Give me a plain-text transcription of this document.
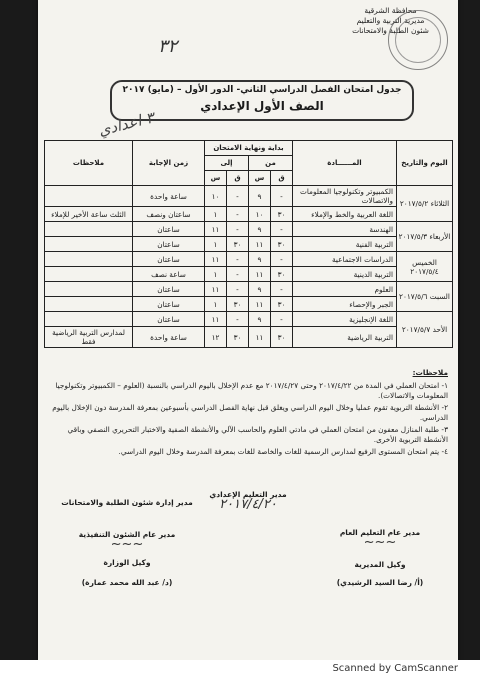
محافظة الشرقية
مديرية التربية والتعليم
شئون الطلبة والامتحانات
٣٢
جدول امتحان الفصل الدراسي الثاني- الدور الأول – (مايو) ٢٠١٧
الصف الأول الإعدادي
٣ اعدادي
اليوم والتاريخ	المــــــادة	بداية ونهاية الامتحان				زمن الإجابة	ملاحظات
		من		إلى			
		ق	س	ق	س		
الثلاثاء ٢٠١٧/٥/٢	الكمبيوتر وتكنولوجيا المعلومات والاتصالات	-	٩	-	١٠	ساعة واحدة	
	اللغة العربية والخط والإملاء	٣٠	١٠	-	١	ساعتان ونصف	الثلث ساعة الأخير للإملاء
الأربعاء ٢٠١٧/٥/٣	الهندسة	-	٩	-	١١	ساعتان	
	التربية الفنية	٣٠	١١	٣٠	١	ساعتان	
الخميس ٢٠١٧/٥/٤	الدراسات الاجتماعية	-	٩	-	١١	ساعتان	
	التربية الدينية	٣٠	١١	-	١	ساعة نصف	
السبت ٢٠١٧/٥/٦	العلوم	-	٩	-	١١	ساعتان	
	الجبر والإحصاء	٣٠	١١	٣٠	١	ساعتان	
الأحد ٢٠١٧/٥/٧	اللغة الإنجليزية	-	٩	-	١١	ساعتان	
	التربية الرياضية	٣٠	١١	٣٠	١٢	ساعة واحدة	لمدارس التربية الرياضية فقط
ملاحظات:

١- امتحان العملي في المدة من ٢٠١٧/٤/٢٢ وحتى ٢٠١٧/٤/٢٧ مع عدم الإخلال باليوم الدراسي بالنسبة (العلوم – الكمبيوتر وتكنولوجيا المعلومات والاتصالات).

٢- الأنشطة التربوية تقوم عمليا وخلال اليوم الدراسي ويغلق قبل نهاية الفصل الدراسي بأسبوعين بمعرفة المدرسة دون الإخلال باليوم الدراسي.

٣- طلبة المنازل معفون من امتحان العملي في مادتي العلوم والحاسب الآلي والأنشطة الصفية والاختبار التحريري النصفي وباقي الأنشطة التربوية الأخرى.

٤- يتم امتحان المستوى الرفيع لمدارس الرسمية للغات والخاصة للغات بمعرفة المدرسة وخلال اليوم الدراسي.

مدير التعليم الإعدادي
٢٠١٧/٤/٢٠
مدير عام التعليم العام
~~~
وكيل المديرية
(أ/ رضا السيد الرشيدي)
مدير إدارة شئون الطلبة والامتحانات
مدير عام الشئون التنفيذية
~~~
وكيل الوزارة
(د/ عبد الله محمد عمارة)
Scanned by CamScanner
